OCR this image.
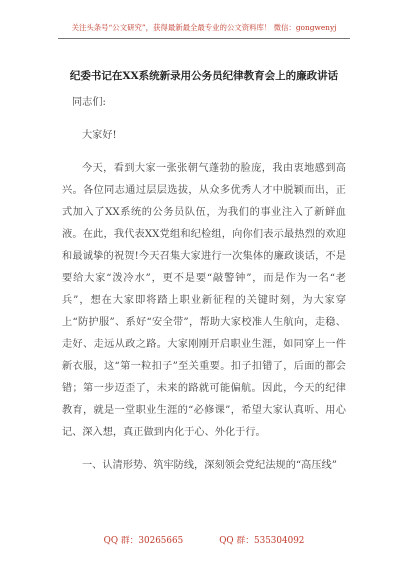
关注头条号“公文研究”，获得最新最全最专业的公文资料库！ 微信：gongwenyj
纪委书记在XX系统新录用公务员纪律教育会上的廉政讲话

同志们:

大家好!

今天，看到大家一张张朝气蓬勃的脸庞，我由衷地感到高兴。各位同志通过层层选拔，从众多优秀人才中脱颖而出，正式加入了XX系统的公务员队伍，为我们的事业注入了新鲜血液。在此，我代表XX党组和纪检组，向你们表示最热烈的欢迎和最诚挚的祝贺!今天召集大家进行一次集体的廉政谈话，不是要给大家“泼冷水”，更不是要“敲警钟”，而是作为一名“老兵”，想在大家即将踏上职业新征程的关键时刻，为大家穿上“防护服”、系好“安全带”，帮助大家校准人生航向，走稳、走好、走远从政之路。大家刚刚开启职业生涯，如同穿上一件新衣服，这“第一粒扣子”至关重要。扣子扣错了，后面的都会错；第一步迈歪了，未来的路就可能偏航。因此，今天的纪律教育，就是一堂职业生涯的“必修课”，希望大家认真听、用心记、深入想，真正做到内化于心、外化于行。

一、认清形势、筑牢防线，深刻领会党纪法规的“高压线”

QQ 群：30265665	QQ 群：535304092
